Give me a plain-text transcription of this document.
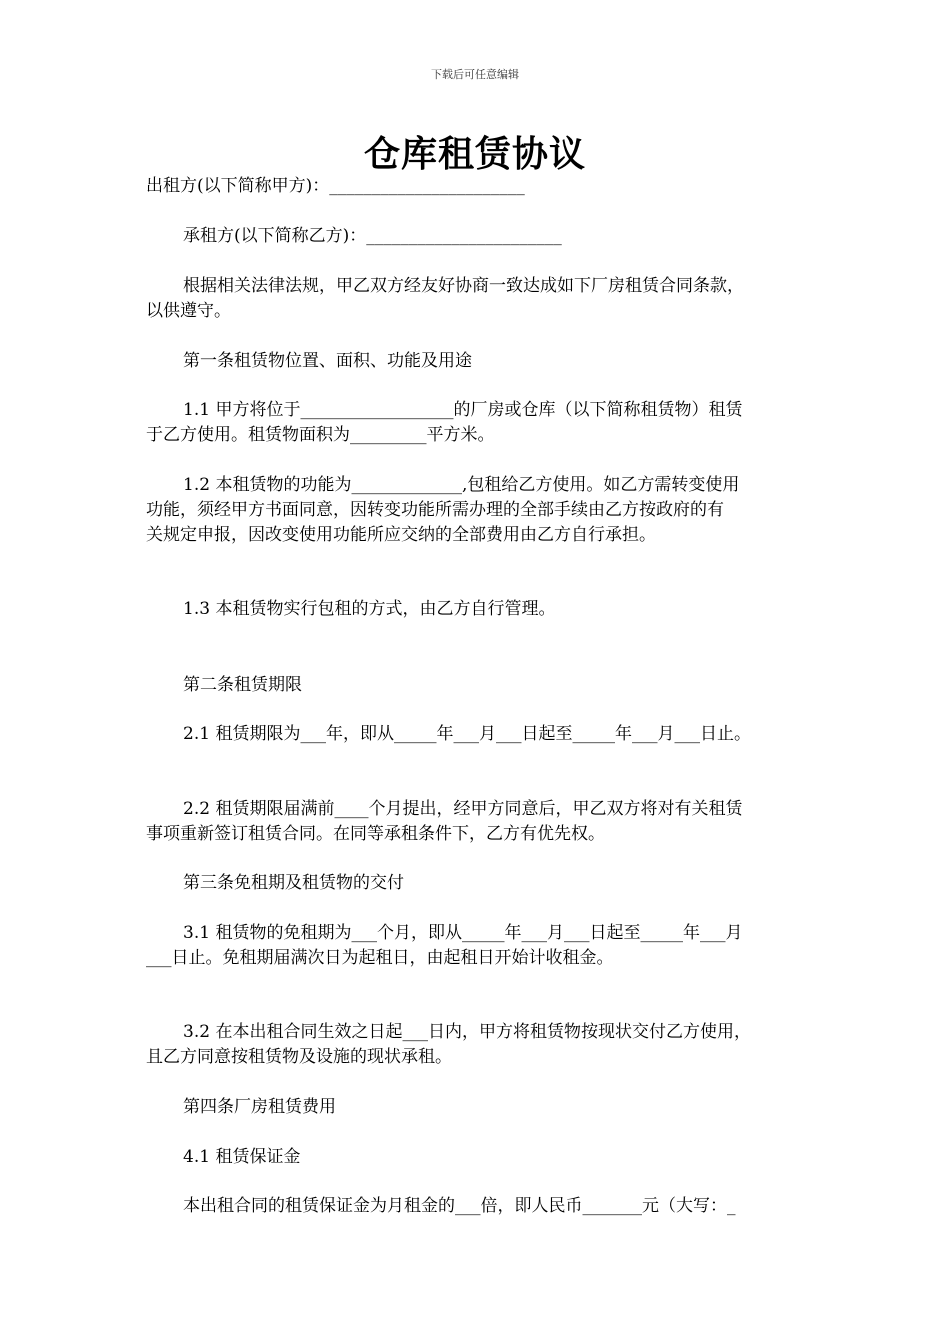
下载后可任意编辑
仓库租赁协议
出租方(以下简称甲方)：_______________________
承租方(以下简称乙方)：_______________________
根据相关法律法规，甲乙双方经友好协商一致达成如下厂房租赁合同条款，
以供遵守。
第一条租赁物位置、面积、功能及用途
1.1 甲方将位于__________________的厂房或仓库（以下简称租赁物）租赁
于乙方使用。租赁物面积为_________平方米。
1.2 本租赁物的功能为_____________,包租给乙方使用。如乙方需转变使用
功能，须经甲方书面同意，因转变功能所需办理的全部手续由乙方按政府的有
关规定申报，因改变使用功能所应交纳的全部费用由乙方自行承担。
1.3 本租赁物实行包租的方式，由乙方自行管理。
第二条租赁期限
2.1 租赁期限为___年，即从_____年___月___日起至_____年___月___日止。
2.2 租赁期限届满前____个月提出，经甲方同意后，甲乙双方将对有关租赁
事项重新签订租赁合同。在同等承租条件下，乙方有优先权。
第三条免租期及租赁物的交付
3.1 租赁物的免租期为___个月，即从_____年___月___日起至_____年___月
___日止。免租期届满次日为起租日，由起租日开始计收租金。
3.2 在本出租合同生效之日起___日内，甲方将租赁物按现状交付乙方使用，
且乙方同意按租赁物及设施的现状承租。
第四条厂房租赁费用
4.1 租赁保证金
本出租合同的租赁保证金为月租金的___倍，即人民币_______元（大写：_
